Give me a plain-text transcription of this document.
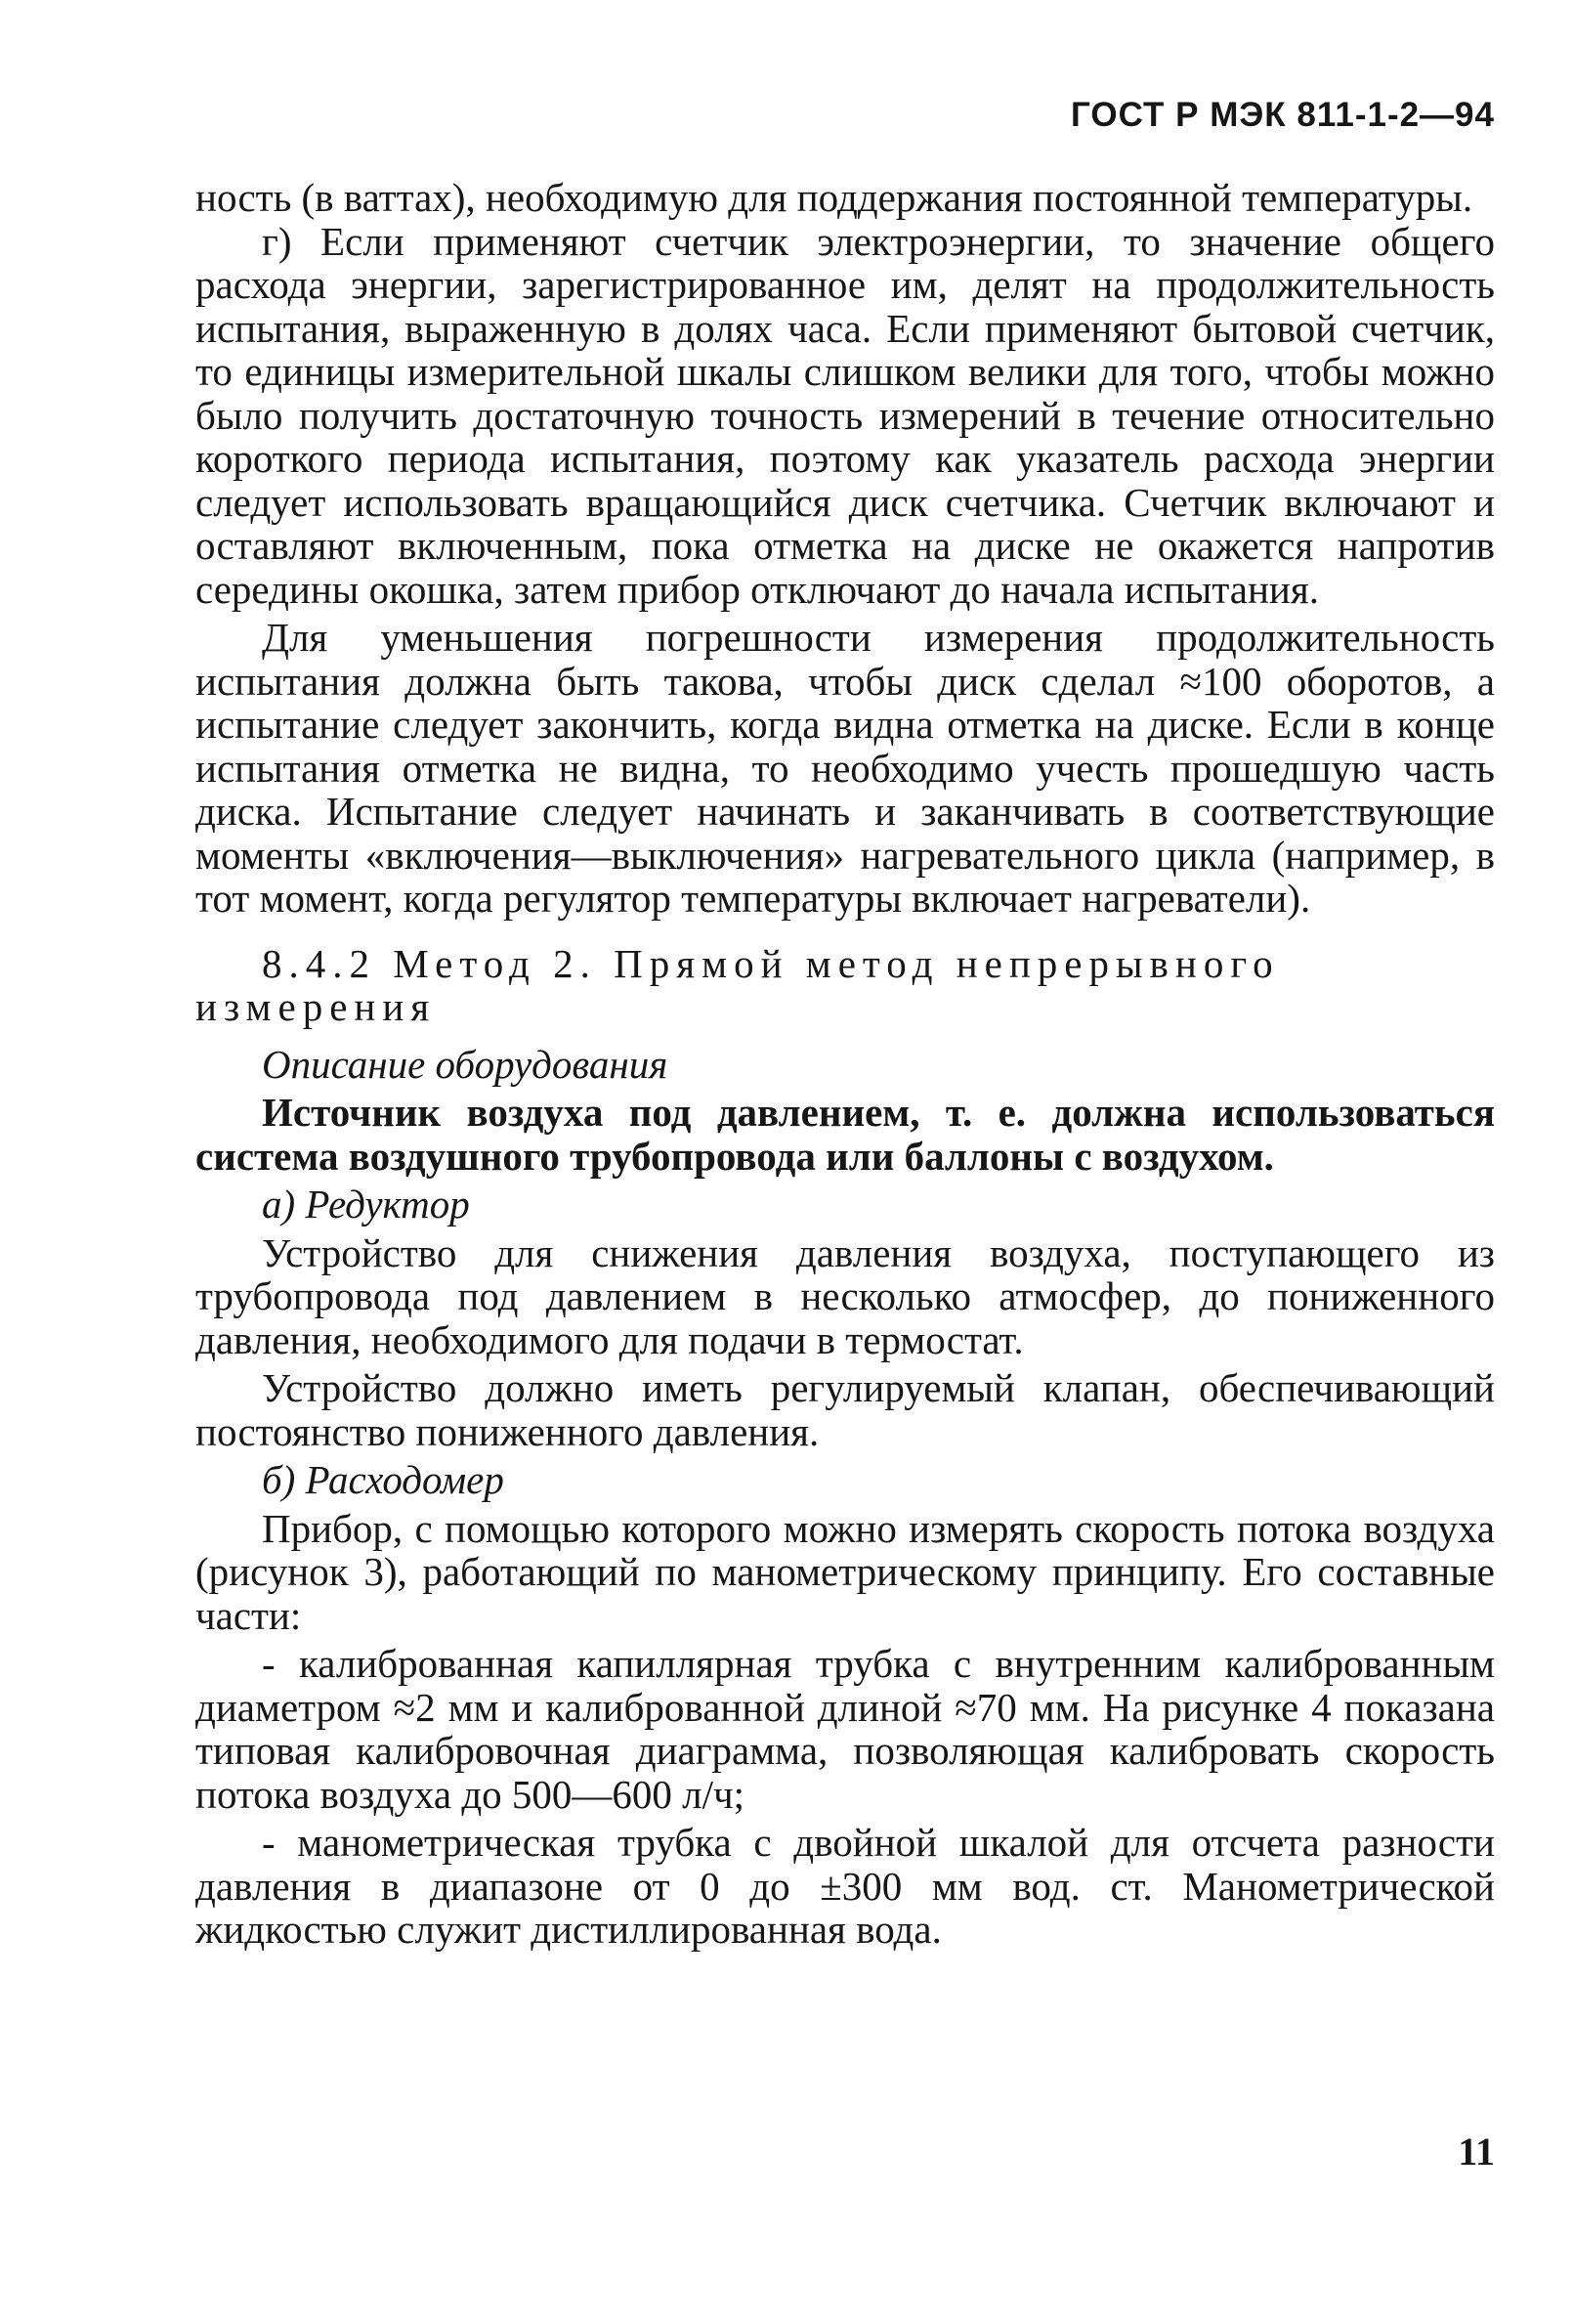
ГОСТ Р МЭК 811-1-2—94

ность (в ваттах), необходимую для поддержания постоянной температуры.

г) Если применяют счетчик электроэнергии, то значение общего расхода энергии, зарегистрированное им, делят на продолжительность испытания, выраженную в долях часа. Если применяют бытовой счетчик, то единицы измерительной шкалы слишком велики для того, чтобы можно было получить достаточную точность измерений в течение относительно короткого периода испытания, поэтому как указатель расхода энергии следует использовать вращающийся диск счетчика. Счетчик включают и оставляют включенным, пока отметка на диске не окажется напротив середины окошка, затем прибор отключают до начала испытания.

Для уменьшения погрешности измерения продолжительность испытания должна быть такова, чтобы диск сделал ≈100 оборотов, а испытание следует закончить, когда видна отметка на диске. Если в конце испытания отметка не видна, то необходимо учесть прошедшую часть диска. Испытание следует начинать и заканчивать в соответствующие моменты «включения—выключения» нагревательного цикла (например, в тот момент, когда регулятор температуры включает нагреватели).

8.4.2 Метод 2. Прямой метод непрерывного измерения

Описание оборудования

Источник воздуха под давлением, т. е. должна использоваться система воздушного трубопровода или баллоны с воздухом.

а) Редуктор

Устройство для снижения давления воздуха, поступающего из трубопровода под давлением в несколько атмосфер, до пониженного давления, необходимого для подачи в термостат.

Устройство должно иметь регулируемый клапан, обеспечивающий постоянство пониженного давления.

б) Расходомер

Прибор, с помощью которого можно измерять скорость потока воздуха (рисунок 3), работающий по манометрическому принципу. Его составные части:

- калиброванная капиллярная трубка с внутренним калиброванным диаметром ≈2 мм и калиброванной длиной ≈70 мм. На рисунке 4 показана типовая калибровочная диаграмма, позволяющая калибровать скорость потока воздуха до 500—600 л/ч;

- манометрическая трубка с двойной шкалой для отсчета разности давления в диапазоне от 0 до ±300 мм вод. ст. Манометрической жидкостью служит дистиллированная вода.

11
